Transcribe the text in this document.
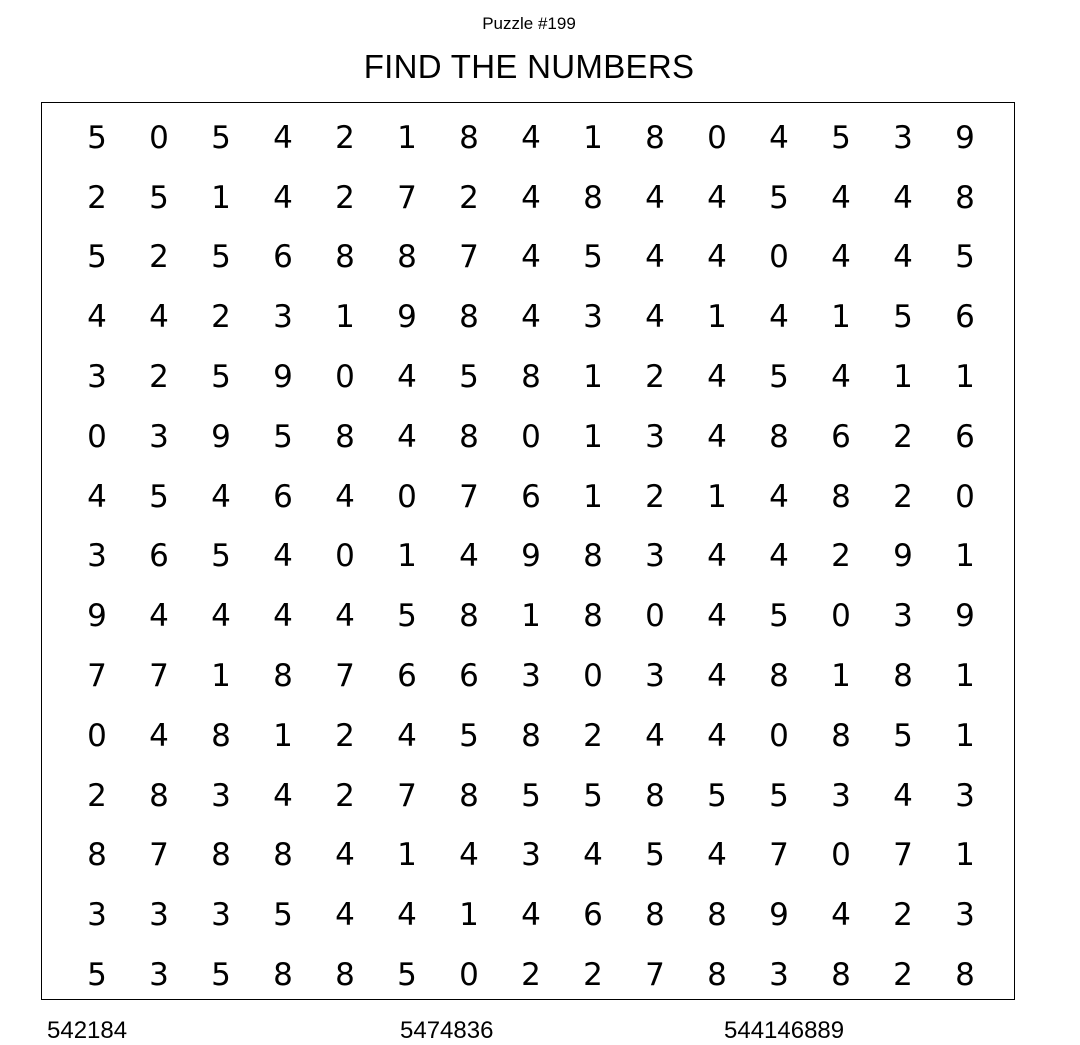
Puzzle #199
FIND THE NUMBERS
5	0	5	4	2	1	8	4	1	8	0	4	5	3	9
2	5	1	4	2	7	2	4	8	4	4	5	4	4	8
5	2	5	6	8	8	7	4	5	4	4	0	4	4	5
4	4	2	3	1	9	8	4	3	4	1	4	1	5	6
3	2	5	9	0	4	5	8	1	2	4	5	4	1	1
0	3	9	5	8	4	8	0	1	3	4	8	6	2	6
4	5	4	6	4	0	7	6	1	2	1	4	8	2	0
3	6	5	4	0	1	4	9	8	3	4	4	2	9	1
9	4	4	4	4	5	8	1	8	0	4	5	0	3	9
7	7	1	8	7	6	6	3	0	3	4	8	1	8	1
0	4	8	1	2	4	5	8	2	4	4	0	8	5	1
2	8	3	4	2	7	8	5	5	8	5	5	3	4	3
8	7	8	8	4	1	4	3	4	5	4	7	0	7	1
3	3	3	5	4	4	1	4	6	8	8	9	4	2	3
5	3	5	8	8	5	0	2	2	7	8	3	8	2	8
542184	5474836	544146889
